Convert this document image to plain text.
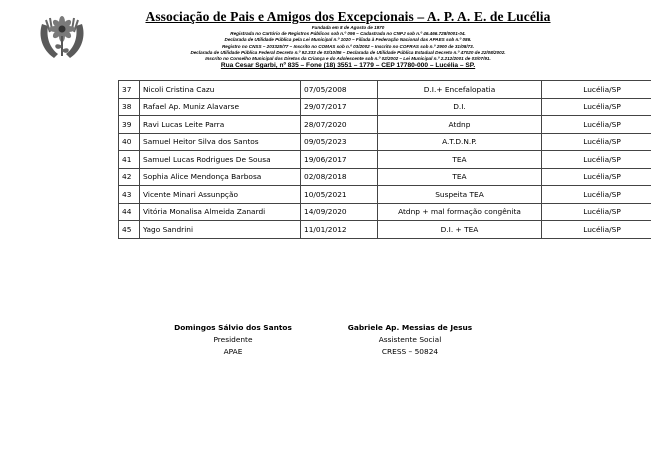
Associação de Pais e Amigos dos Excepcionais – A. P. A. E. de Lucélia
Fundada em 8 de Agosto de 1970
Registrada no Cartório de Registros Públicos sob n.º 096 – Cadastrada no CNPJ sob n.º 46.466.728/0001-04.
Declarada de Utilidade Pública pela Lei Municipal n.º 1020 – Filiada à Federação Nacional das APAES sob n.º 086.
Registro no CNSS – 203325/77 – Inscrito no COMAS sob n.º 03/2002 – Inscrito no COFRAS sob n.º 2900 de 31/08/73.
Declarada de Utilidade Pública Federal Decreto n.º 92.333 de 03/10/86 – Declarada de Utilidade Pública Estadual Decreto n.º 47020 de 22/08/2002.
Inscrito no Conselho Municipal dos Diretos da Criança e do Adolescente sob n.º 02/2002 – Lei Municipal n.º 2.212/2001 de 03/07/91.
Rua Cesar Sgarbi, nº 835 – Fone (18) 3551 – 1779 – CEP 17780-000 – Lucélia – SP.
37	Nicoli Cristina Cazu	07/05/2008	D.I.+ Encefalopatia	Lucélia/SP
38	Rafael Ap. Muniz Alavarse	29/07/2017	D.I.	Lucélia/SP
39	Ravi Lucas Leite Parra	28/07/2020	Atdnp	Lucélia/SP
40	Samuel Heitor Silva dos Santos	09/05/2023	A.T.D.N.P.	Lucélia/SP
41	Samuel Lucas Rodrigues De Sousa	19/06/2017	TEA	Lucélia/SP
42	Sophia Alice Mendonça Barbosa	02/08/2018	TEA	Lucélia/SP
43	Vicente Minari Assunpção	10/05/2021	Suspeita TEA	Lucélia/SP
44	Vitória Monalisa Almeida Zanardi	14/09/2020	Atdnp + mal formação congênita	Lucélia/SP
45	Yago Sandrini	11/01/2012	D.I. + TEA	Lucélia/SP
Domingos Sálvio dos Santos
Presidente
APAE
Gabriele Ap. Messias de Jesus
Assistente Social
CRESS – 50824
